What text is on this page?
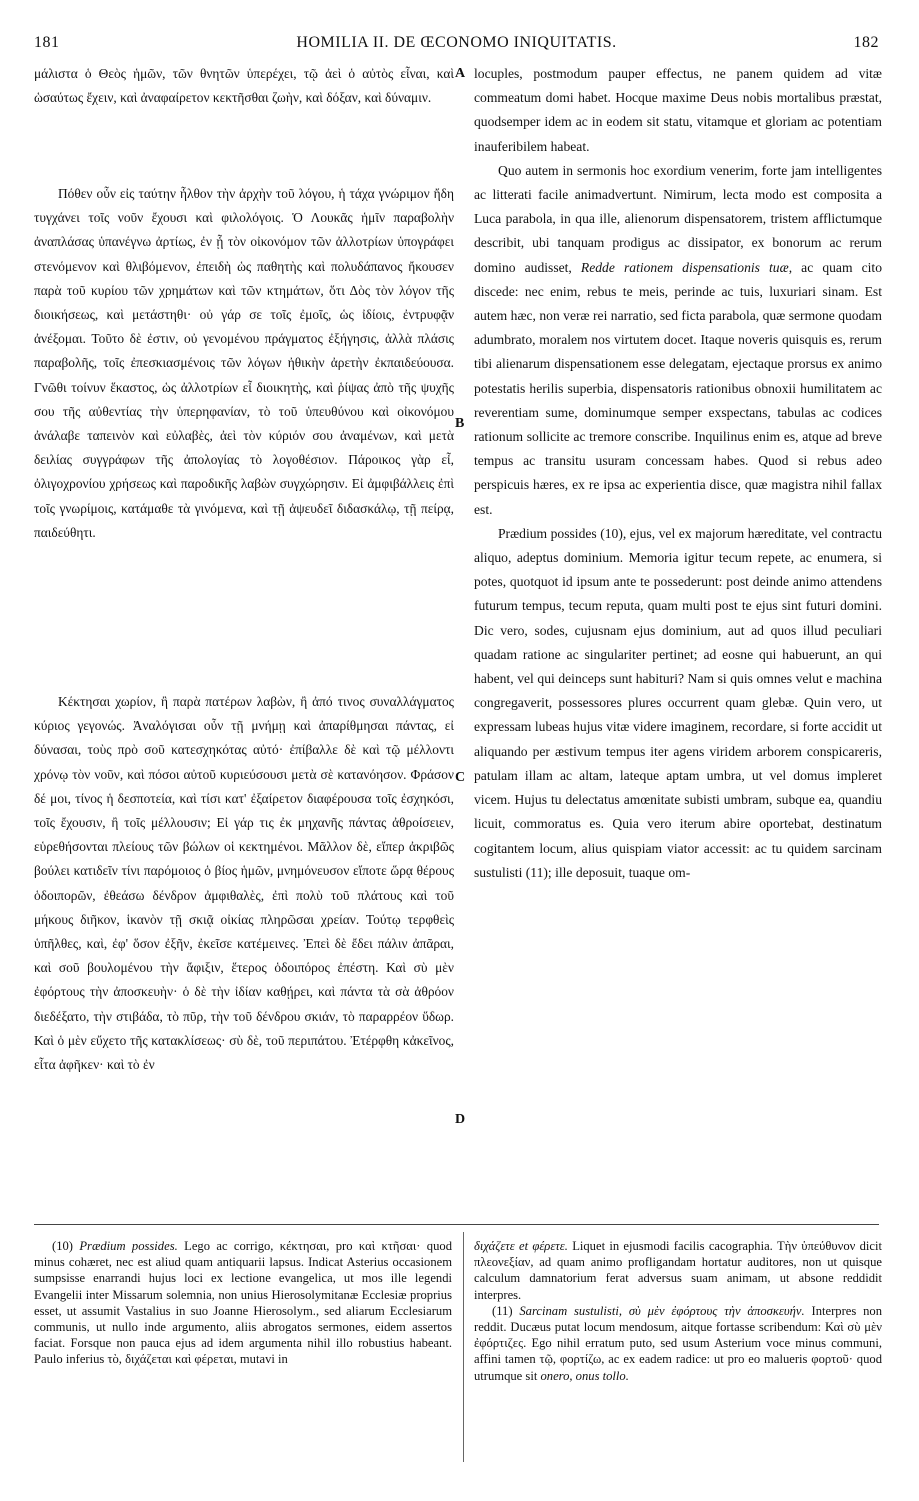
181	HOMILIA II. DE ŒCONOMO INIQUITATIS.	182

μάλιστα ὁ Θεὸς ἡμῶν, τῶν θνητῶν ὑπερέχει, τῷ ἀεὶ ὁ αὐτὸς εἶναι, καὶ ὡσαύτως ἔχειν, καὶ ἀναφαίρετον κεκτῆσθαι ζωὴν, καὶ δόξαν, καὶ δύναμιν.

Πόθεν οὖν εἰς ταύτην ἦλθον τὴν ἀρχὴν τοῦ λόγου, ἡ τάχα γνώριμον ἤδη τυγχάνει τοῖς νοῦν ἔχουσι καὶ φιλολόγοις. Ὁ Λουκᾶς ἡμῖν παραβολὴν ἀναπλάσας ὑπανέγνω ἀρτίως, ἐν ᾗ τὸν οἰκονόμον τῶν ἀλλοτρίων ὑπογράφει στενόμενον καὶ θλιβόμενον, ἐπειδὴ ὡς παθητὴς καὶ πολυδάπανος ἤκουσεν παρὰ τοῦ κυρίου τῶν χρημάτων καὶ τῶν κτημάτων, ὅτι Δὸς τὸν λόγον τῆς διοικήσεως, καὶ μετάστηθι· οὐ γάρ σε τοῖς ἐμοῖς, ὡς ἰδίοις, ἐντρυφᾷν ἀνέξομαι. Τοῦτο δὲ ἐστιν, οὐ γενομένου πράγματος ἐξήγησις, ἀλλὰ πλάσις παραβολῆς, τοῖς ἐπεσκιασμένοις τῶν λόγων ἠθικὴν ἀρετὴν ἐκπαιδεύουσα. Γνῶθι τοίνυν ἕκαστος, ὡς ἀλλοτρίων εἶ διοικητὴς, καὶ ῥίψας ἀπὸ τῆς ψυχῆς σου τῆς αὐθεντίας τὴν ὑπερηφανίαν, τὸ τοῦ ὑπευθύνου καὶ οἰκονόμου ἀνάλαβε ταπεινὸν καὶ εὐλαβὲς, ἀεὶ τὸν κύριόν σου ἀναμένων, καὶ μετὰ δειλίας συγγράφων τῆς ἀπολογίας τὸ λογοθέσιον. Πάροικος γὰρ εἶ, ὀλιγοχρονίου χρήσεως καὶ παροδικῆς λαβὼν συγχώρησιν. Εἰ ἀμφιβάλλεις ἐπὶ τοῖς γνωρίμοις, κατάμαθε τὰ γινόμενα, καὶ τῇ ἀψευδεῖ διδασκάλῳ, τῇ πείρᾳ, παιδεύθητι.

Κέκτησαι χωρίον, ἢ παρὰ πατέρων λαβὼν, ἢ ἀπό τινος συναλλάγματος κύριος γεγονώς. Ἀναλόγισαι οὖν τῇ μνήμῃ καὶ ἀπαρίθμησαι πάντας, εἰ δύνασαι, τοὺς πρὸ σοῦ κατεσχηκότας αὐτό· ἐπίβαλλε δὲ καὶ τῷ μέλλοντι χρόνῳ τὸν νοῦν, καὶ πόσοι αὐτοῦ κυριεύσουσι μετὰ σὲ κατανόησον. Φράσον δέ μοι, τίνος ἡ δεσποτεία, καὶ τίσι κατ' ἐξαίρετον διαφέρουσα τοῖς ἐσχηκόσι, τοῖς ἔχουσιν, ἢ τοῖς μέλλουσιν; Εἰ γάρ τις ἐκ μηχανῆς πάντας ἀθροίσειεν, εὑρεθήσονται πλείους τῶν βώλων οἱ κεκτημένοι. Μᾶλλον δὲ, εἴπερ ἀκριβῶς βούλει κατιδεῖν τίνι παρόμοιος ὁ βίος ἡμῶν, μνημόνευσον εἴποτε ὥρᾳ θέρους ὁδοιπορῶν, ἐθεάσω δένδρον ἀμφιθαλὲς, ἐπὶ πολὺ τοῦ πλάτους καὶ τοῦ μήκους διῆκον, ἱκανὸν τῇ σκιᾷ οἰκίας πληρῶσαι χρείαν. Τούτῳ τερφθεὶς ὑπῆλθες, καὶ, ἐφ' ὅσον ἐξῆν, ἐκεῖσε κατέμεινες. Ἐπεὶ δὲ ἔδει πάλιν ἀπᾶραι, καὶ σοῦ βουλομένου τὴν ἄφιξιν, ἕτερος ὁδοιπόρος ἐπέστη. Καὶ σὺ μὲν ἐφόρτους τὴν ἀποσκευὴν· ὁ δὲ τὴν ἰδίαν καθῄρει, καὶ πάντα τὰ σὰ ἀθρόον διεδέξατο, τὴν στιβάδα, τὸ πῦρ, τὴν τοῦ δένδρου σκιάν, τὸ παραρρέον ὕδωρ. Καὶ ὁ μὲν εὔχετο τῆς κατακλίσεως· σὺ δὲ, τοῦ περιπάτου. Ἐτέρφθη κἀκεῖνος, εἶτα ἀφῆκεν· καὶ τὸ ἐν

A
B
C
D

locuples, postmodum pauper effectus, ne panem quidem ad vitæ commeatum domi habet. Hocque maxime Deus nobis mortalibus præstat, quodsemper idem ac in eodem sit statu, vitamque et gloriam ac potentiam inauferibilem habeat.

Quo autem in sermonis hoc exordium venerim, forte jam intelligentes ac litterati facile animadvertunt. Nimirum, lecta modo est composita a Luca parabola, in qua ille, alienorum dispensatorem, tristem afflictumque describit, ubi tanquam prodigus ac dissipator, ex bonorum ac rerum domino audisset, Redde rationem dispensationis tuæ, ac quam cito discede: nec enim, rebus te meis, perinde ac tuis, luxuriari sinam. Est autem hæc, non veræ rei narratio, sed ficta parabola, quæ sermone quodam adumbrato, moralem nos virtutem docet. Itaque noveris quisquis es, rerum tibi alienarum dispensationem esse delegatam, ejectaque prorsus ex animo potestatis herilis superbia, dispensatoris rationibus obnoxii humilitatem ac reverentiam sume, dominumque semper exspectans, tabulas ac codices rationum sollicite ac tremore conscribe. Inquilinus enim es, atque ad breve tempus ac transitu usuram concessam habes. Quod si rebus adeo perspicuis hæres, ex re ipsa ac experientia disce, quæ magistra nihil fallax est.

Prædium possides (10), ejus, vel ex majorum hæreditate, vel contractu aliquo, adeptus dominium. Memoria igitur tecum repete, ac enumera, si potes, quotquot id ipsum ante te possederunt: post deinde animo attendens futurum tempus, tecum reputa, quam multi post te ejus sint futuri domini. Dic vero, sodes, cujusnam ejus dominium, aut ad quos illud peculiari quadam ratione ac singulariter pertinet; ad eosne qui habuerunt, an qui habent, vel qui deinceps sunt habituri? Nam si quis omnes velut e machina congregaverit, possessores plures occurrent quam glebæ. Quin vero, ut expressam lubeas hujus vitæ videre imaginem, recordare, si forte accidit ut aliquando per æstivum tempus iter agens viridem arborem conspicareris, patulam illam ac altam, lateque aptam umbra, ut vel domus impleret vicem. Hujus tu delectatus amœnitate subisti umbram, subque ea, quandiu licuit, commoratus es. Quia vero iterum abire oportebat, destinatum cogitantem locum, alius quispiam viator accessit: ac tu quidem sarcinam sustulisti (11); ille deposuit, tuaque om-

(10) Prædium possides. Lego ac corrigo, κέκτησαι, pro καὶ κτῆσαι· quod minus cohæret, nec est aliud quam antiquarii lapsus. Indicat Asterius occasionem sumpsisse enarrandi hujus loci ex lectione evangelica, ut mos ille legendi Evangelii inter Missarum solemnia, non unius Hierosolymitanæ Ecclesiæ proprius esset, ut assumit Vastalius in suo Joanne Hierosolym., sed aliarum Ecclesiarum communis, ut nullo inde argumento, aliis abrogatos sermones, eidem assertos faciat. Forsque non pauca ejus ad idem argumenta nihil illo robustius habeant. Paulo inferius τὸ, διχάζεται καὶ φέρεται, mutavi in

διχάζετε et φέρετε. Liquet in ejusmodi facilis cacographia. Τὴν ὑπεύθυνον dicit πλεονεξίαν, ad quam animo profligandam hortatur auditores, non ut quisque calculum damnatorium ferat adversus suam animam, ut absone reddidit interpres.

(11) Sarcinam sustulisti, σὺ μὲν ἐφόρτους τὴν ἀποσκευήν. Interpres non reddit. Ducæus putat locum mendosum, aitque fortasse scribendum: Καὶ σὺ μὲν ἐφόρτιζες. Ego nihil erratum puto, sed usum Asterium voce minus communi, affini tamen τῷ, φορτίζω, ac ex eadem radice: ut pro eo malueris φορτοῦ· quod utrumque sit onero, onus tollo.
